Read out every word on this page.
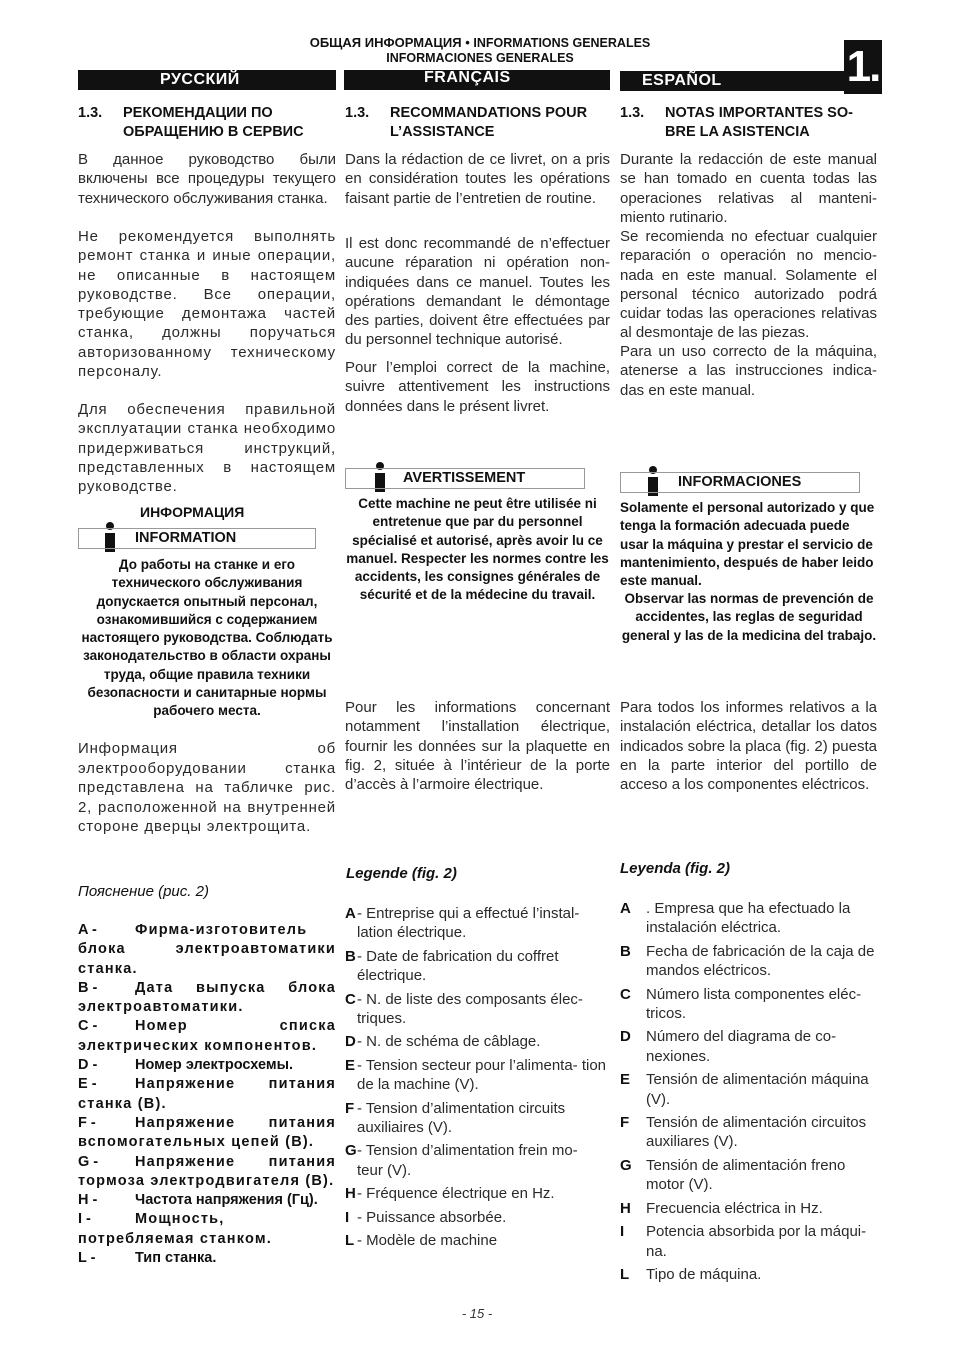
ОБЩАЯ ИНФОРМАЦИЯ • INFORMATIONS GENERALES
INFORMACIONES GENERALES	1.
РУССКИЙ	FRANÇAIS	ESPAÑOL
1.3. РЕКОМЕНДАЦИИ ПО
ОБРАЩЕНИЮ В СЕРВИС
В данное руководство были включены все процедуры текущего технического обслуживания станка.
Не рекомендуется выполнять ремонт станка и иные операции, не описанные в настоящем руководстве. Все операции, требующие демонтажа частей станка, должны поручаться авторизованному техническому персоналу.
Для обеспечения правильной эксплуатации станка необходимо придерживаться инструкций, представленных в настоящем руководстве.
ИНФОРМАЦИЯ
INFORMATION
До работы на станке и его технического обслуживания допускается опытный персонал, ознакомившийся с содержанием настоящего руководства. Соблюдать законодательство в области охраны труда, общие правила техники безопасности и санитарные нормы рабочего места.
Информация об электрооборудовании станка представлена на табличке рис. 2, расположенной на внутренней стороне дверцы электрощита.
Пояснение (рис. 2)
A -	Фирма-изготовитель блока электроавтоматики станка.
B -	Дата выпуска блока электроавтоматики.
C -	Номер списка электрических компонентов.
D -	Номер электросхемы.
E -	Напряжение питания станка (В).
F -	Напряжение питания вспомогательных цепей (В).
G -	Напряжение питания тормоза электродвигателя (В).
H -	Частота напряжения (Гц).
I -	Мощность, потребляемая станком.
L -	Тип станка.
1.3. RECOMMANDATIONS POUR
L’ASSISTANCE
Dans la rédaction de ce livret, on a pris en considération toutes les opérations faisant partie de l’entretien de routine.
Il est donc recommandé de n’effectuer aucune réparation ni opération non-indiquées dans ce manuel. Toutes les opérations demandant le démontage des parties, doivent être effectuées par du personnel technique autorisé.
Pour l’emploi correct de la machine, suivre attentivement les instructions données dans le présent livret.
AVERTISSEMENT
Cette machine ne peut être utilisée ni entretenue que par du personnel spécialisé et autorisé, après avoir lu ce manuel. Respecter les normes contre les accidents, les consignes générales de sécurité et de la médecine du travail.
Pour les informations concernant notamment l’installation électrique, fournir les données sur la plaquette en fig. 2, située à l’intérieur de la porte d’accès à l’armoire électrique.
Legende (fig. 2)
A - Entreprise qui a effectué l’instal- lation électrique.
B - Date de fabrication du coffret électrique.
C - N. de liste des composants élec- triques.
D - N. de schéma de câblage.
E - Tension secteur pour l’alimenta- tion de la machine (V).
F - Tension d’alimentation circuits auxiliaires (V).
G - Tension d’alimentation frein mo- teur (V).
H - Fréquence électrique en Hz.
I - Puissance absorbée.
L - Modèle de machine
1.3. NOTAS IMPORTANTES SO-
BRE LA ASISTENCIA
Durante la redacción de este manual se han tomado en cuenta todas las operaciones relativas al manteni- miento rutinario.
Se recomienda no efectuar cualquier reparación o operación no mencio- nada en este manual. Solamente el personal técnico autorizado podrá cuidar todas las operaciones relativas al desmontaje de las piezas.
Para un uso correcto de la máquina, atenerse a las instrucciones indica- das en este manual.
INFORMACIONES
Solamente el personal autorizado y que tenga la formación adecuada puede usar la máquina y prestar el servicio de mantenimiento, después de haber leido este manual.
Observar las normas de prevención de accidentes, las reglas de seguridad general y las de la medicina del trabajo.
Para todos los informes relativos a la instalación eléctrica, detallar los datos indicados sobre la placa (fig. 2) puesta en la parte interior del portillo de acceso a los componentes eléctricos.
Leyenda (fig. 2)
A	. Empresa que ha efectuado la instalación eléctrica.
B	Fecha de fabricación de la caja de mandos eléctricos.
C	Número lista componentes eléc- tricos.
D	Número del diagrama de co- nexiones.
E	Tensión de alimentación máquina (V).
F	Tensión de alimentación circuitos auxiliares (V).
G Tensión de alimentación freno motor (V).
H	Frecuencia eléctrica in Hz.
I	Potencia absorbida por la máqui- na.
L	Tipo de máquina.
- 15 -
